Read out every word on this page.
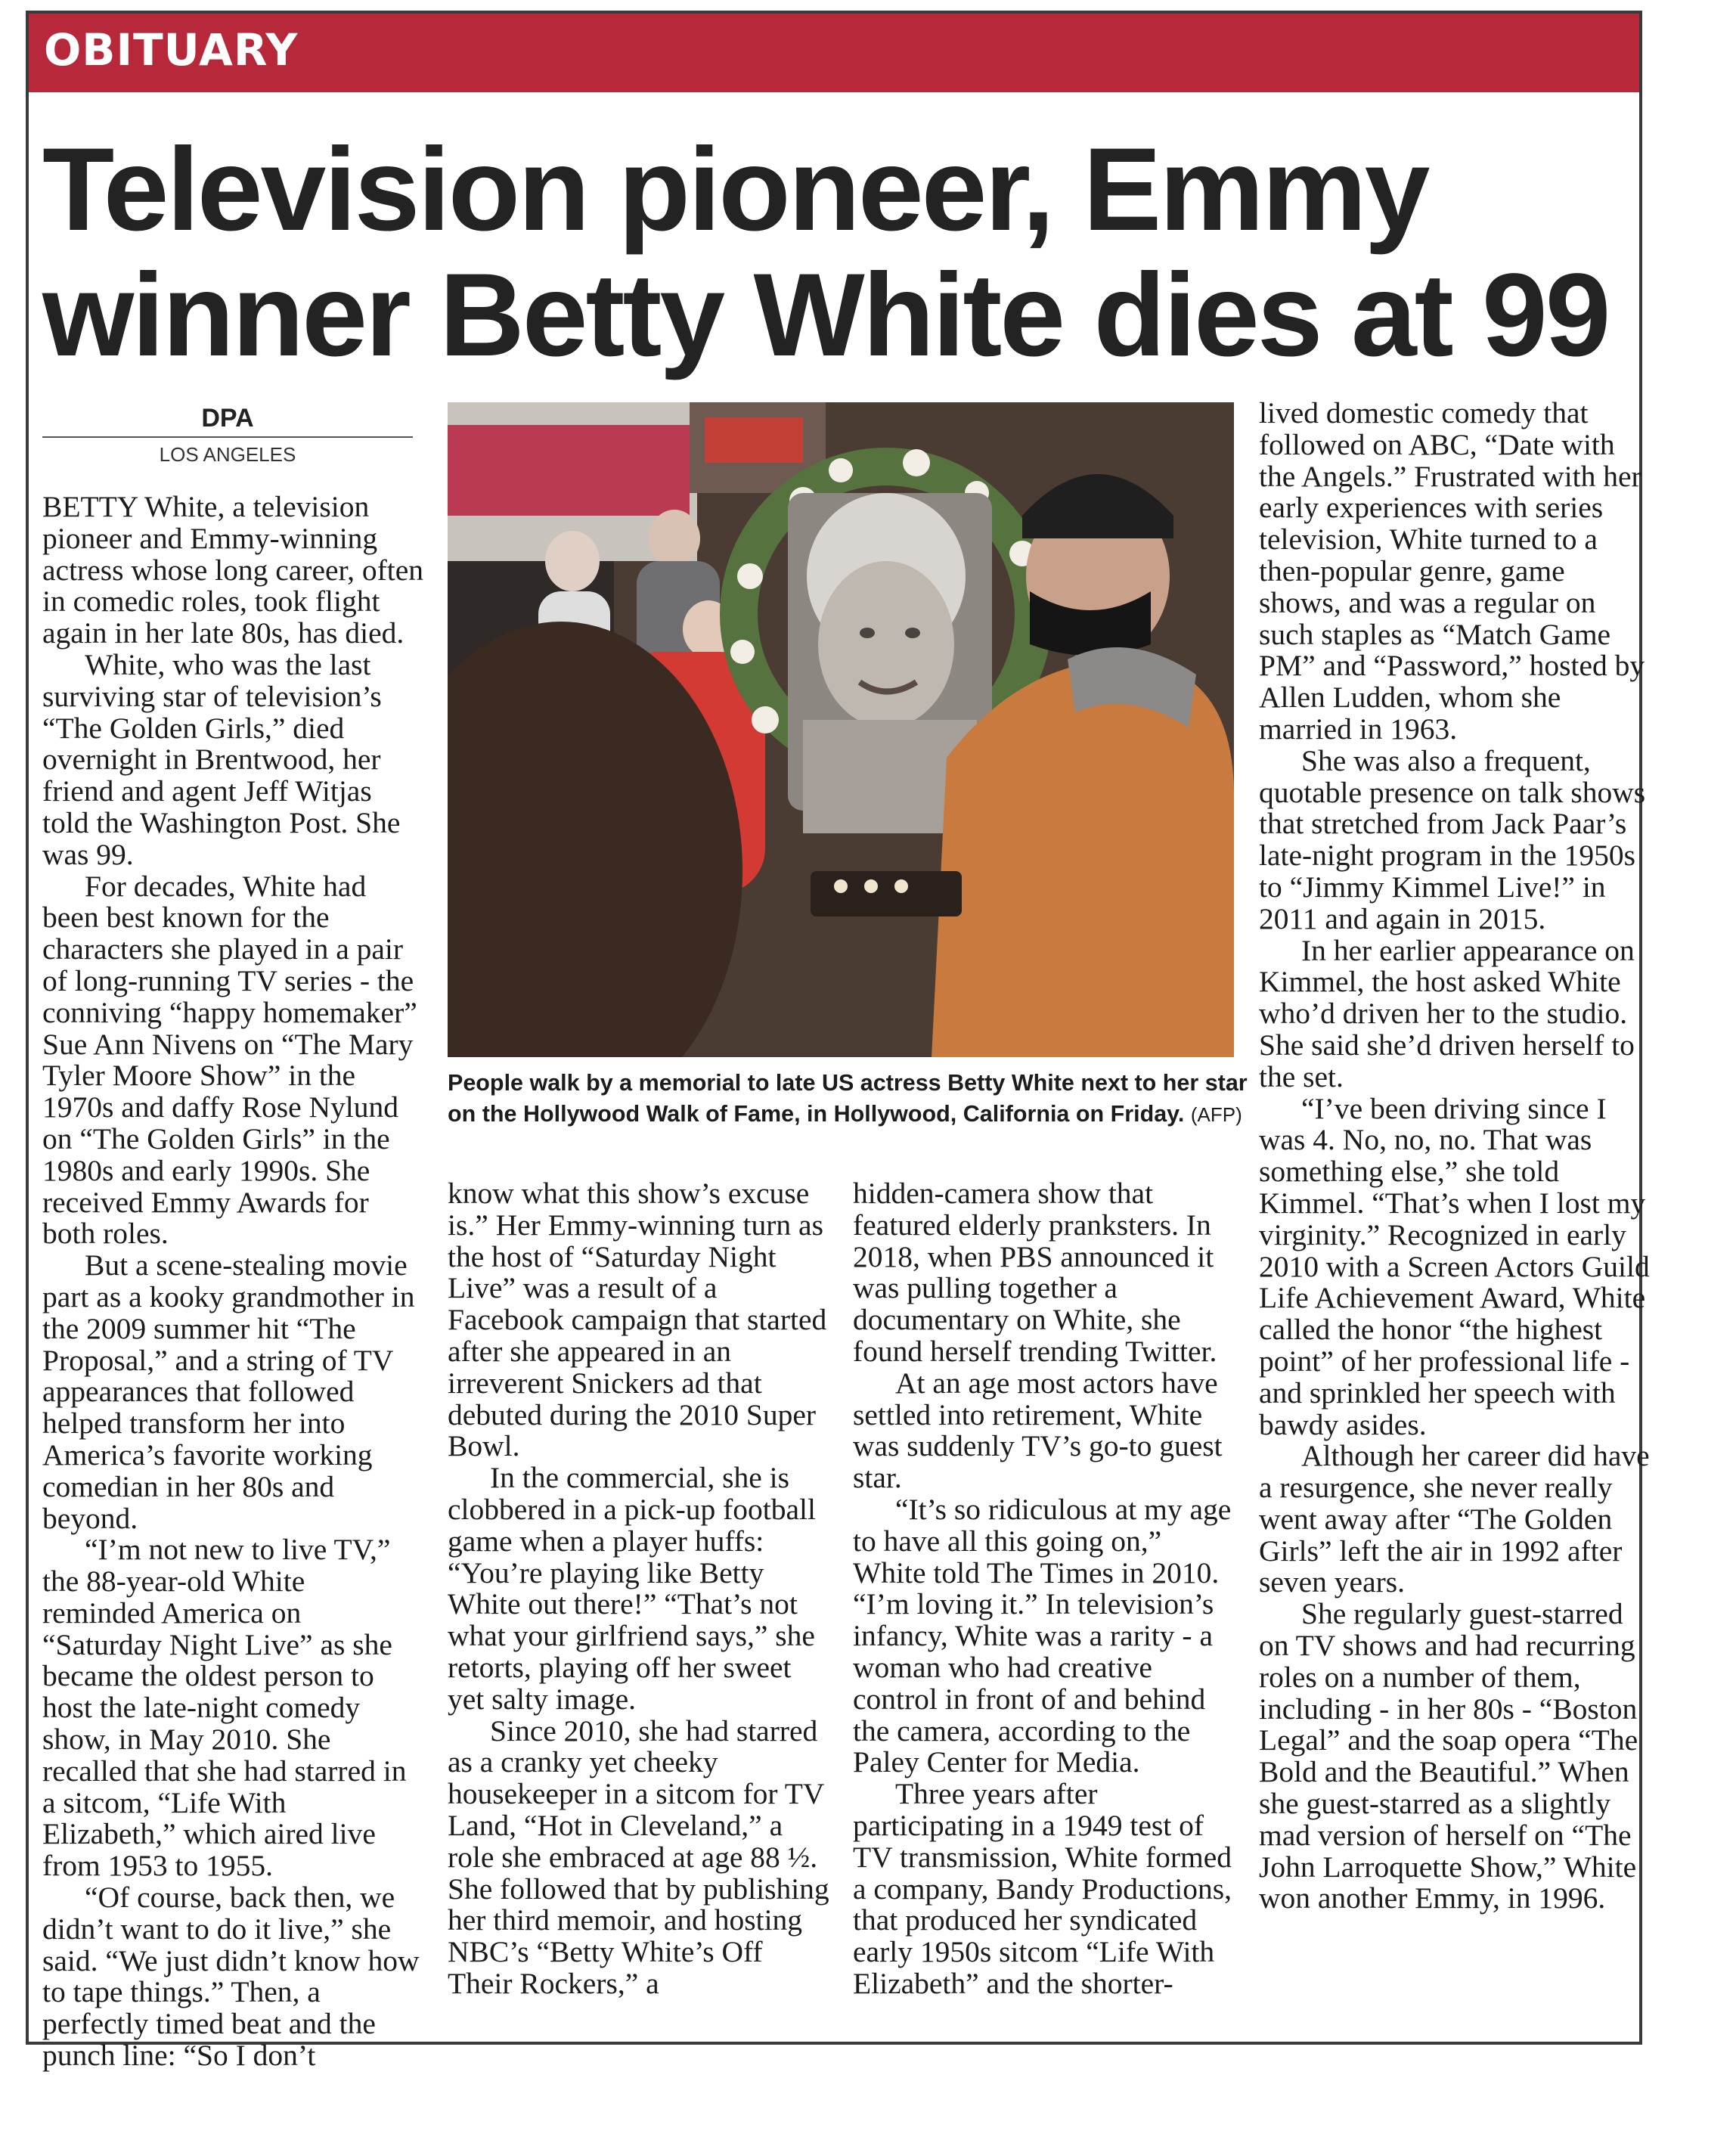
OBITUARY
Television pioneer, Emmy winner Betty White dies at 99
DPA
LOS ANGELES

BETTY White, a television pioneer and Emmy-winning actress whose long career, often in comedic roles, took flight again in her late 80s, has died.

White, who was the last surviving star of television’s “The Golden Girls,” died overnight in Brentwood, her friend and agent Jeff Witjas told the Washington Post. She was 99.

For decades, White had been best known for the characters she played in a pair of long-running TV series - the conniving “happy homemaker” Sue Ann Nivens on “The Mary Tyler Moore Show” in the 1970s and daffy Rose Nylund on “The Golden Girls” in the 1980s and early 1990s. She received Emmy Awards for both roles.

But a scene-stealing movie part as a kooky grandmother in the 2009 summer hit “The Proposal,” and a string of TV appearances that followed helped transform her into America’s favorite working comedian in her 80s and beyond.

“I’m not new to live TV,” the 88-year-old White reminded America on “Saturday Night Live” as she became the oldest person to host the late-night comedy show, in May 2010. She recalled that she had starred in a sitcom, “Life With Elizabeth,” which aired live from 1953 to 1955.

“Of course, back then, we didn’t want to do it live,” she said. “We just didn’t know how to tape things.” Then, a perfectly timed beat and the punch line: “So I don’t

People walk by a memorial to late US actress Betty White next to her star on the Hollywood Walk of Fame, in Hollywood, California on Friday. (AFP)

know what this show’s excuse is.” Her Emmy-winning turn as the host of “Saturday Night Live” was a result of a Facebook campaign that started after she appeared in an irreverent Snickers ad that debuted during the 2010 Super Bowl.

In the commercial, she is clobbered in a pick-up football game when a player huffs: “You’re playing like Betty White out there!” “That’s not what your girlfriend says,” she retorts, playing off her sweet yet salty image.

Since 2010, she had starred as a cranky yet cheeky housekeeper in a sitcom for TV Land, “Hot in Cleveland,” a role she embraced at age 88 ½. She followed that by publishing her third memoir, and hosting NBC’s “Betty White’s Off Their Rockers,” a

hidden-camera show that featured elderly pranksters. In 2018, when PBS announced it was pulling together a documentary on White, she found herself trending Twitter.

At an age most actors have settled into retirement, White was suddenly TV’s go-to guest star.

“It’s so ridiculous at my age to have all this going on,” White told The Times in 2010. “I’m loving it.” In television’s infancy, White was a rarity - a woman who had creative control in front of and behind the camera, according to the Paley Center for Media.

Three years after participating in a 1949 test of TV transmission, White formed a company, Bandy Productions, that produced her syndicated early 1950s sitcom “Life With Elizabeth” and the shorter-

lived domestic comedy that followed on ABC, “Date with the Angels.” Frustrated with her early experiences with series television, White turned to a then-popular genre, game shows, and was a regular on such staples as “Match Game PM” and “Password,” hosted by Allen Ludden, whom she married in 1963.

She was also a frequent, quotable presence on talk shows that stretched from Jack Paar’s late-night program in the 1950s to “Jimmy Kimmel Live!” in 2011 and again in 2015.

In her earlier appearance on Kimmel, the host asked White who’d driven her to the studio. She said she’d driven herself to the set.

“I’ve been driving since I was 4. No, no, no. That was something else,” she told Kimmel. “That’s when I lost my virginity.” Recognized in early 2010 with a Screen Actors Guild Life Achievement Award, White called the honor “the highest point” of her professional life - and sprinkled her speech with bawdy asides.

Although her career did have a resurgence, she never really went away after “The Golden Girls” left the air in 1992 after seven years.

She regularly guest-starred on TV shows and had recurring roles on a number of them, including - in her 80s - “Boston Legal” and the soap opera “The Bold and the Beautiful.” When she guest-starred as a slightly mad version of herself on “The John Larroquette Show,” White won another Emmy, in 1996.
